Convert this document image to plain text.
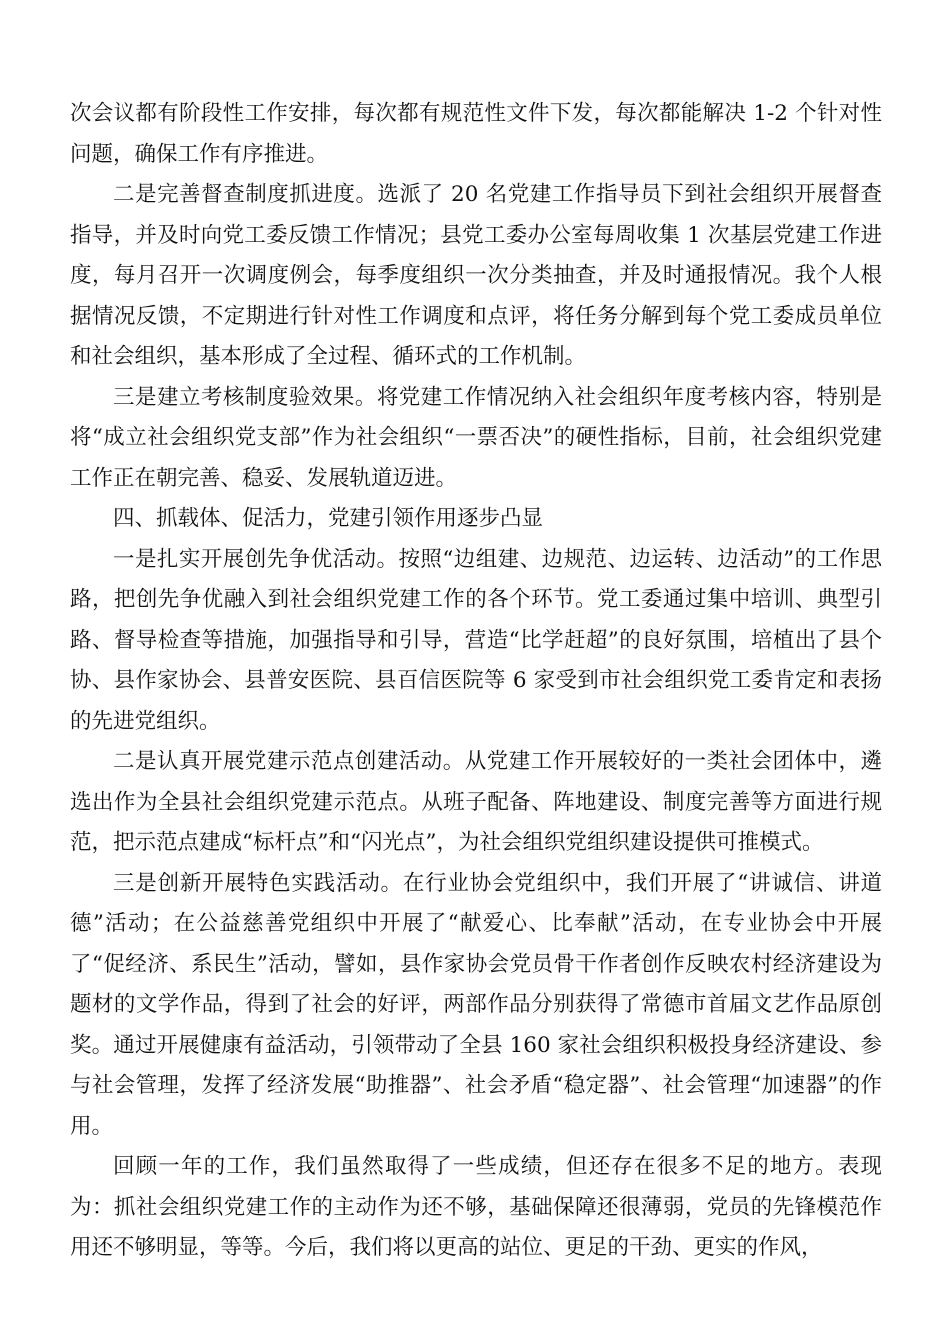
次会议都有阶段性工作安排，每次都有规范性文件下发，每次都能解决 1-2 个针对性问题，确保工作有序推进。

二是完善督查制度抓进度。选派了 20 名党建工作指导员下到社会组织开展督查指导，并及时向党工委反馈工作情况；县党工委办公室每周收集 1 次基层党建工作进度，每月召开一次调度例会，每季度组织一次分类抽查，并及时通报情况。我个人根据情况反馈，不定期进行针对性工作调度和点评，将任务分解到每个党工委成员单位和社会组织，基本形成了全过程、循环式的工作机制。

三是建立考核制度验效果。将党建工作情况纳入社会组织年度考核内容，特别是将“成立社会组织党支部”作为社会组织“一票否决”的硬性指标，目前，社会组织党建工作正在朝完善、稳妥、发展轨道迈进。

四、抓载体、促活力，党建引领作用逐步凸显

一是扎实开展创先争优活动。按照“边组建、边规范、边运转、边活动”的工作思路，把创先争优融入到社会组织党建工作的各个环节。党工委通过集中培训、典型引路、督导检查等措施，加强指导和引导，营造“比学赶超”的良好氛围，培植出了县个协、县作家协会、县普安医院、县百信医院等 6 家受到市社会组织党工委肯定和表扬的先进党组织。

二是认真开展党建示范点创建活动。从党建工作开展较好的一类社会团体中，遴选出作为全县社会组织党建示范点。从班子配备、阵地建设、制度完善等方面进行规范，把示范点建成“标杆点”和“闪光点”，为社会组织党组织建设提供可推模式。

三是创新开展特色实践活动。在行业协会党组织中，我们开展了“讲诚信、讲道德”活动；在公益慈善党组织中开展了“献爱心、比奉献”活动，在专业协会中开展了“促经济、系民生”活动，譬如，县作家协会党员骨干作者创作反映农村经济建设为题材的文学作品，得到了社会的好评，两部作品分别获得了常德市首届文艺作品原创奖。通过开展健康有益活动，引领带动了全县 160 家社会组织积极投身经济建设、参与社会管理，发挥了经济发展“助推器”、社会矛盾“稳定器”、社会管理“加速器”的作用。

回顾一年的工作，我们虽然取得了一些成绩，但还存在很多不足的地方。表现为：抓社会组织党建工作的主动作为还不够，基础保障还很薄弱，党员的先锋模范作用还不够明显，等等。今后，我们将以更高的站位、更足的干劲、更实的作风，
